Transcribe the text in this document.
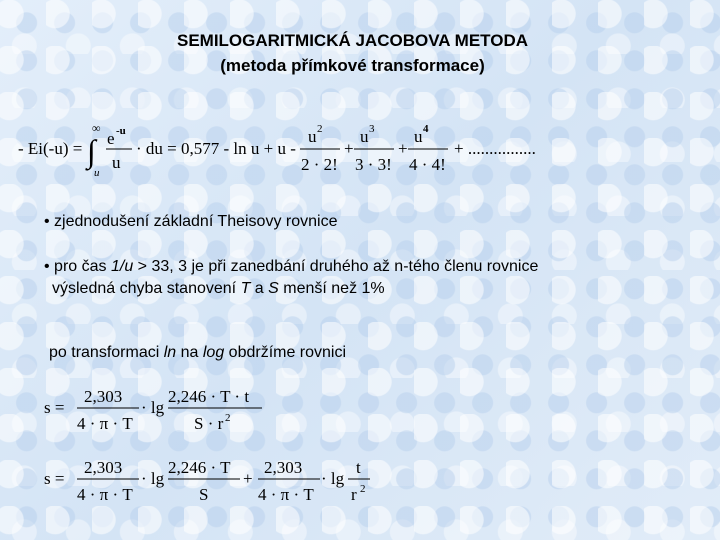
SEMILOGARITMICKÁ JACOBOVA METODA
(metoda přímkové transformace)
- Ei(-u) =
∞
∫
u
e -u
u
· du = 0,577 - ln u + u -
u 2
2 · 2!
+
u 3
3 · 3!
+
u 4
4 · 4!
+ ................
• zjednodušení základní Theisovy rovnice
• pro čas 1/u > 33, 3 je při zanedbání druhého až n-tého členu rovnice
výsledná chyba stanovení T a S menší než 1%
po transformaci ln na log obdržíme rovnici
s =
2,303
4 · π · T
· lg
2,246 · T · t
S · r 2
s =
2,303
4 · π · T
· lg
2,246 · T
S
+
2,303
4 · π · T
· lg
t
r 2
